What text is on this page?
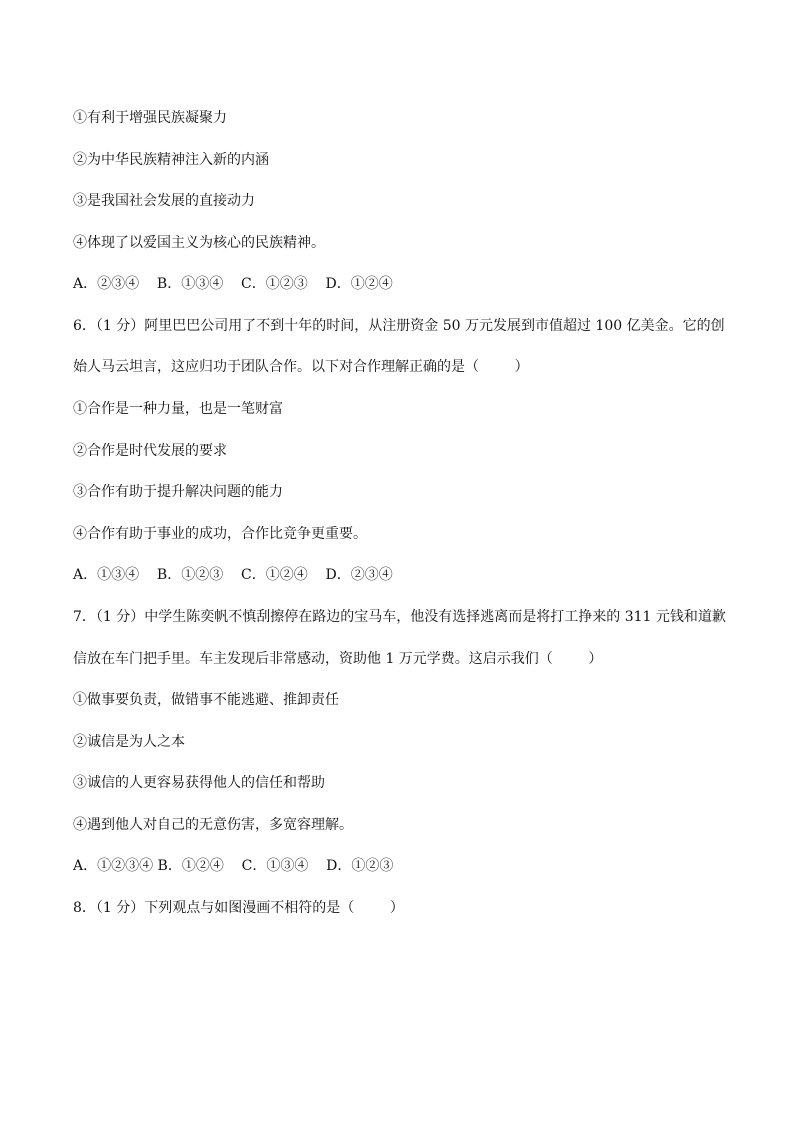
①有利于增强民族凝聚力
②为中华民族精神注入新的内涵
③是我国社会发展的直接动力
④体现了以爱国主义为核心的民族精神。
A．②③④    B．①③④    C．①②③    D．①②④
6．（1 分）阿里巴巴公司用了不到十年的时间，从注册资金 50 万元发展到市值超过 100 亿美金。它的创
始人马云坦言，这应归功于团队合作。以下对合作理解正确的是（        ）
①合作是一种力量，也是一笔财富
②合作是时代发展的要求
③合作有助于提升解决问题的能力
④合作有助于事业的成功，合作比竞争更重要。
A．①③④    B．①②③    C．①②④    D．②③④
7．（1 分）中学生陈奕帆不慎刮擦停在路边的宝马车，他没有选择逃离而是将打工挣来的 311 元钱和道歉
信放在车门把手里。车主发现后非常感动，资助他 1 万元学费。这启示我们（        ）
①做事要负责，做错事不能逃避、推卸责任
②诚信是为人之本
③诚信的人更容易获得他人的信任和帮助
④遇到他人对自己的无意伤害，多宽容理解。
A．①②③④ B．①②④    C．①③④    D．①②③
8．（1 分）下列观点与如图漫画不相符的是（        ）
